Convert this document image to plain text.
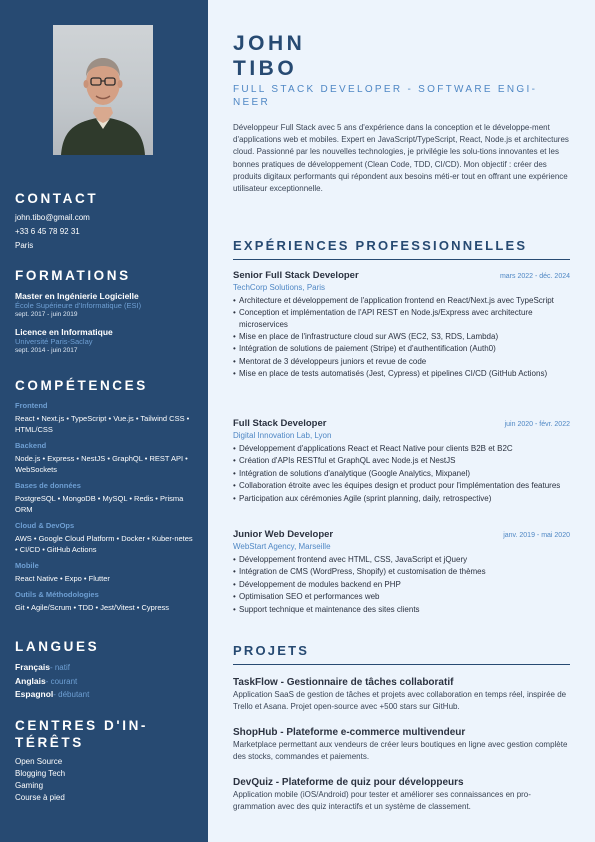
CONTACT
john.tibo@gmail.com
+33 6 45 78 92 31
Paris
FORMATIONS
Master en Ingénierie Logicielle
École Supérieure d'Informatique (ESI)
sept. 2017 - juin 2019
Licence en Informatique
Université Paris-Saclay
sept. 2014 - juin 2017
COMPÉTENCES
Frontend
React • Next.js • TypeScript • Vue.js • Tailwind CSS • HTML/CSS
Backend
Node.js • Express • NestJS • GraphQL • REST API • WebSockets
Bases de données
PostgreSQL • MongoDB • MySQL • Redis • Prisma ORM
Cloud & DevOps
AWS • Google Cloud Platform • Docker • Kuber-netes • CI/CD • GitHub Actions
Mobile
React Native • Expo • Flutter
Outils & Méthodologies
Git • Agile/Scrum • TDD • Jest/Vitest • Cypress
LANGUES
Français- natif
Anglais- courant
Espagnol- débutant
CENTRES D'IN-
TÉRÊTS
Open Source
Blogging Tech
Gaming
Course à pied
JOHN
TIBO
FULL STACK DEVELOPER - SOFTWARE ENGI-NEER
Développeur Full Stack avec 5 ans d'expérience dans la conception et le développe-ment d'applications web et mobiles. Expert en JavaScript/TypeScript, React, Node.js et architectures cloud. Passionné par les nouvelles technologies, je privilégie les solu-tions innovantes et les bonnes pratiques de développement (Clean Code, TDD, CI/CD). Mon objectif : créer des produits digitaux performants qui répondent aux besoins méti-er tout en offrant une expérience utilisateur exceptionnelle.
EXPÉRIENCES PROFESSIONNELLES
Senior Full Stack Developer	mars 2022 - déc. 2024
TechCorp Solutions, Paris
• Architecture et développement de l'application frontend en React/Next.js avec TypeScript
• Conception et implémentation de l'API REST en Node.js/Express avec architecture microservices
• Mise en place de l'infrastructure cloud sur AWS (EC2, S3, RDS, Lambda)
• Intégration de solutions de paiement (Stripe) et d'authentification (Auth0)
• Mentorat de 3 développeurs juniors et revue de code
• Mise en place de tests automatisés (Jest, Cypress) et pipelines CI/CD (GitHub Actions)
Full Stack Developer	juin 2020 - févr. 2022
Digital Innovation Lab, Lyon
• Développement d'applications React et React Native pour clients B2B et B2C
• Création d'APIs RESTful et GraphQL avec Node.js et NestJS
• Intégration de solutions d'analytique (Google Analytics, Mixpanel)
• Collaboration étroite avec les équipes design et product pour l'implémentation des features
• Participation aux cérémonies Agile (sprint planning, daily, retrospective)
Junior Web Developer	janv. 2019 - mai 2020
WebStart Agency, Marseille
• Développement frontend avec HTML, CSS, JavaScript et jQuery
• Intégration de CMS (WordPress, Shopify) et customisation de thèmes
• Développement de modules backend en PHP
• Optimisation SEO et performances web
• Support technique et maintenance des sites clients
PROJETS
TaskFlow - Gestionnaire de tâches collaboratif
Application SaaS de gestion de tâches et projets avec collaboration en temps réel, inspirée de Trello et Asana. Projet open-source avec +500 stars sur GitHub.
ShopHub - Plateforme e-commerce multivendeur
Marketplace permettant aux vendeurs de créer leurs boutiques en ligne avec gestion complète des stocks, commandes et paiements.
DevQuiz - Plateforme de quiz pour développeurs
Application mobile (iOS/Android) pour tester et améliorer ses connaissances en pro-grammation avec des quiz interactifs et un système de classement.
